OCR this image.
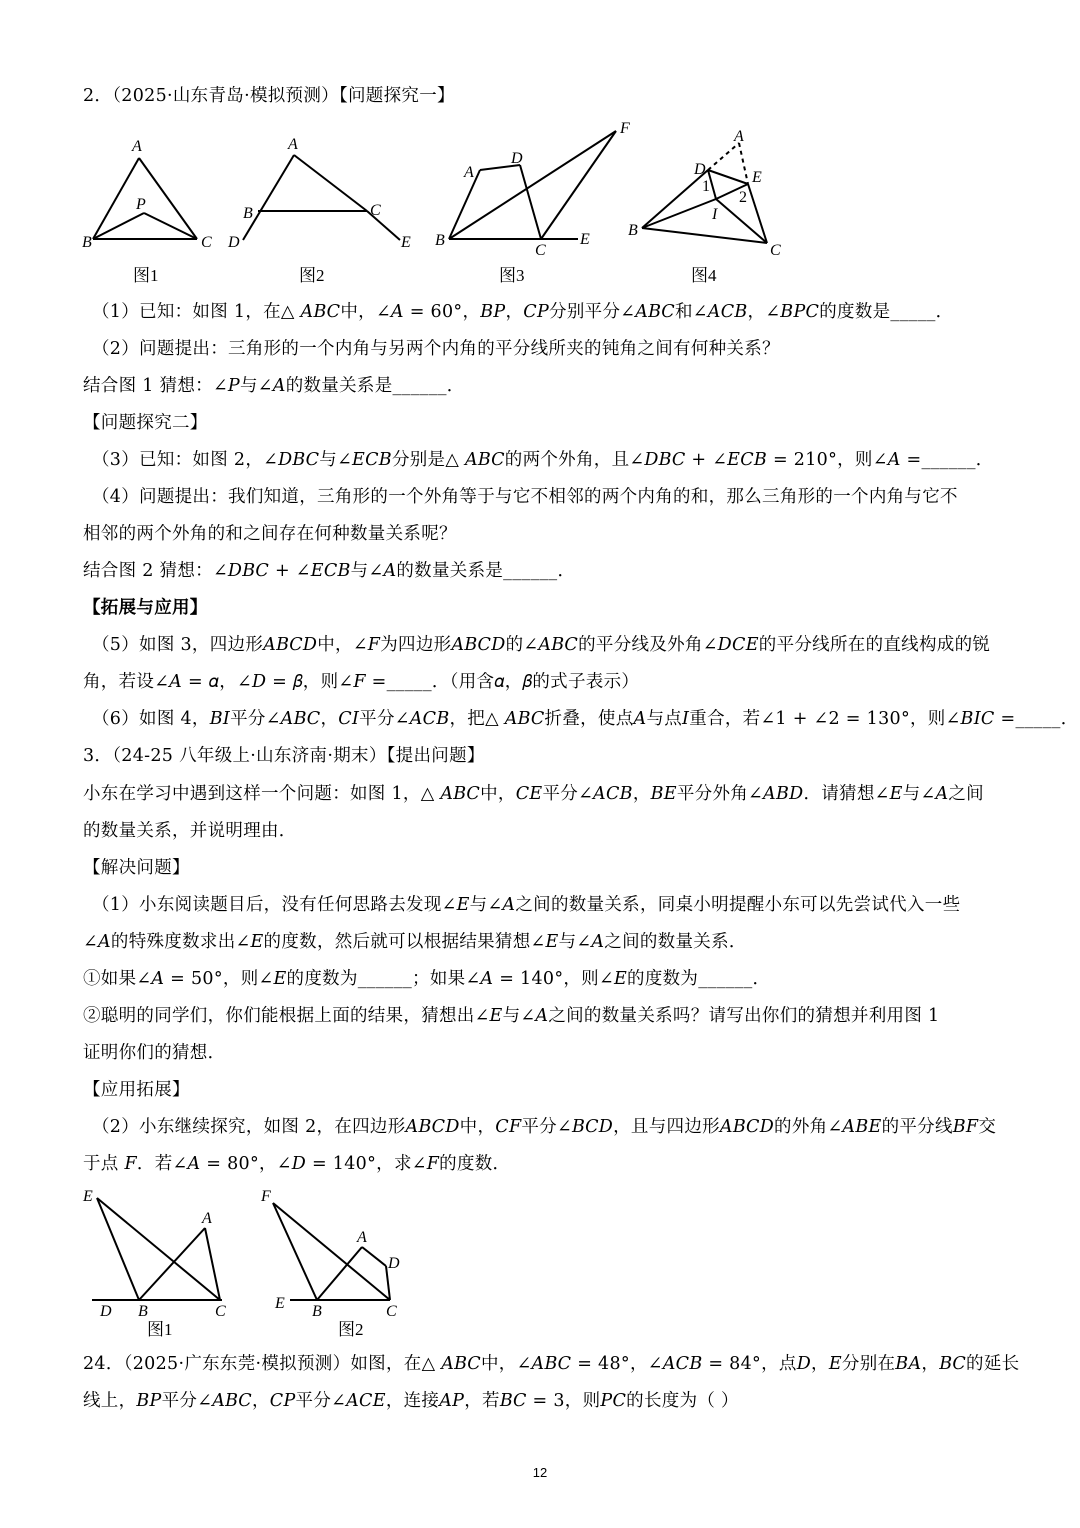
2．（2025·山东青岛·模拟预测）【问题探究一】
A
P
B	C
A
B	C
D	E
A
D
F
B
C
E
A
D	E
1
2
I
B
C
图1	图2	图3	图4
（1）已知：如图 1，在△ 𝐴𝐵𝐶中，∠𝐴 = 60°，𝐵𝑃，𝐶𝑃分别平分∠𝐴𝐵𝐶和∠𝐴𝐶𝐵，∠𝐵𝑃𝐶的度数是_____．
（2）问题提出：三角形的一个内角与另两个内角的平分线所夹的钝角之间有何种关系？
结合图 1 猜想：∠𝑃与∠𝐴的数量关系是______．
【问题探究二】
（3）已知：如图 2，∠𝐷𝐵𝐶与∠𝐸𝐶𝐵分别是△ 𝐴𝐵𝐶的两个外角，且∠𝐷𝐵𝐶 + ∠𝐸𝐶𝐵 = 210°，则∠𝐴 =______．
（4）问题提出：我们知道，三角形的一个外角等于与它不相邻的两个内角的和，那么三角形的一个内角与它不
相邻的两个外角的和之间存在何种数量关系呢？
结合图 2 猜想：∠𝐷𝐵𝐶 + ∠𝐸𝐶𝐵与∠𝐴的数量关系是______．
【拓展与应用】
（5）如图 3，四边形𝐴𝐵𝐶𝐷中，∠𝐹为四边形𝐴𝐵𝐶𝐷的∠𝐴𝐵𝐶的平分线及外角∠𝐷𝐶𝐸的平分线所在的直线构成的锐
角，若设∠𝐴 = 𝛼，∠𝐷 = 𝛽，则∠𝐹 =_____．（用含𝛼，𝛽的式子表示）
（6）如图 4，𝐵𝐼平分∠𝐴𝐵𝐶，𝐶𝐼平分∠𝐴𝐶𝐵，把△ 𝐴𝐵𝐶折叠，使点𝐴与点𝐼重合，若∠1 + ∠2 = 130°，则∠𝐵𝐼𝐶 =_____．
3．（24-25 八年级上·山东济南·期末）【提出问题】
小东在学习中遇到这样一个问题：如图 1，△ 𝐴𝐵𝐶中，𝐶𝐸平分∠𝐴𝐶𝐵，𝐵𝐸平分外角∠𝐴𝐵𝐷．请猜想∠𝐸与∠𝐴之间
的数量关系，并说明理由．
【解决问题】
（1）小东阅读题目后，没有任何思路去发现∠𝐸与∠𝐴之间的数量关系，同桌小明提醒小东可以先尝试代入一些
∠𝐴的特殊度数求出∠𝐸的度数，然后就可以根据结果猜想∠𝐸与∠𝐴之间的数量关系．
①如果∠𝐴 = 50°，则∠𝐸的度数为______；如果∠𝐴 = 140°，则∠𝐸的度数为______．
②聪明的同学们，你们能根据上面的结果，猜想出∠𝐸与∠𝐴之间的数量关系吗？请写出你们的猜想并利用图 1
证明你们的猜想．
【应用拓展】
（2）小东继续探究，如图 2，在四边形𝐴𝐵𝐶𝐷中，𝐶𝐹平分∠𝐵𝐶𝐷，且与四边形𝐴𝐵𝐶𝐷的外角∠𝐴𝐵𝐸的平分线𝐵𝐹交
于点 𝐹．若∠𝐴 = 80°，∠𝐷 = 140°，求∠𝐹的度数．
E
A
D B	C
F
A
D
E B	C
图1	图2
24．（2025·广东东莞·模拟预测）如图，在△ 𝐴𝐵𝐶中，∠𝐴𝐵𝐶 = 48°，∠𝐴𝐶𝐵 = 84°，点𝐷，𝐸分别在𝐵𝐴，𝐵𝐶的延长
线上，𝐵𝑃平分∠𝐴𝐵𝐶，𝐶𝑃平分∠𝐴𝐶𝐸，连接𝐴𝑃，若𝐵𝐶 = 3，则𝑃𝐶的长度为（ ）
12
